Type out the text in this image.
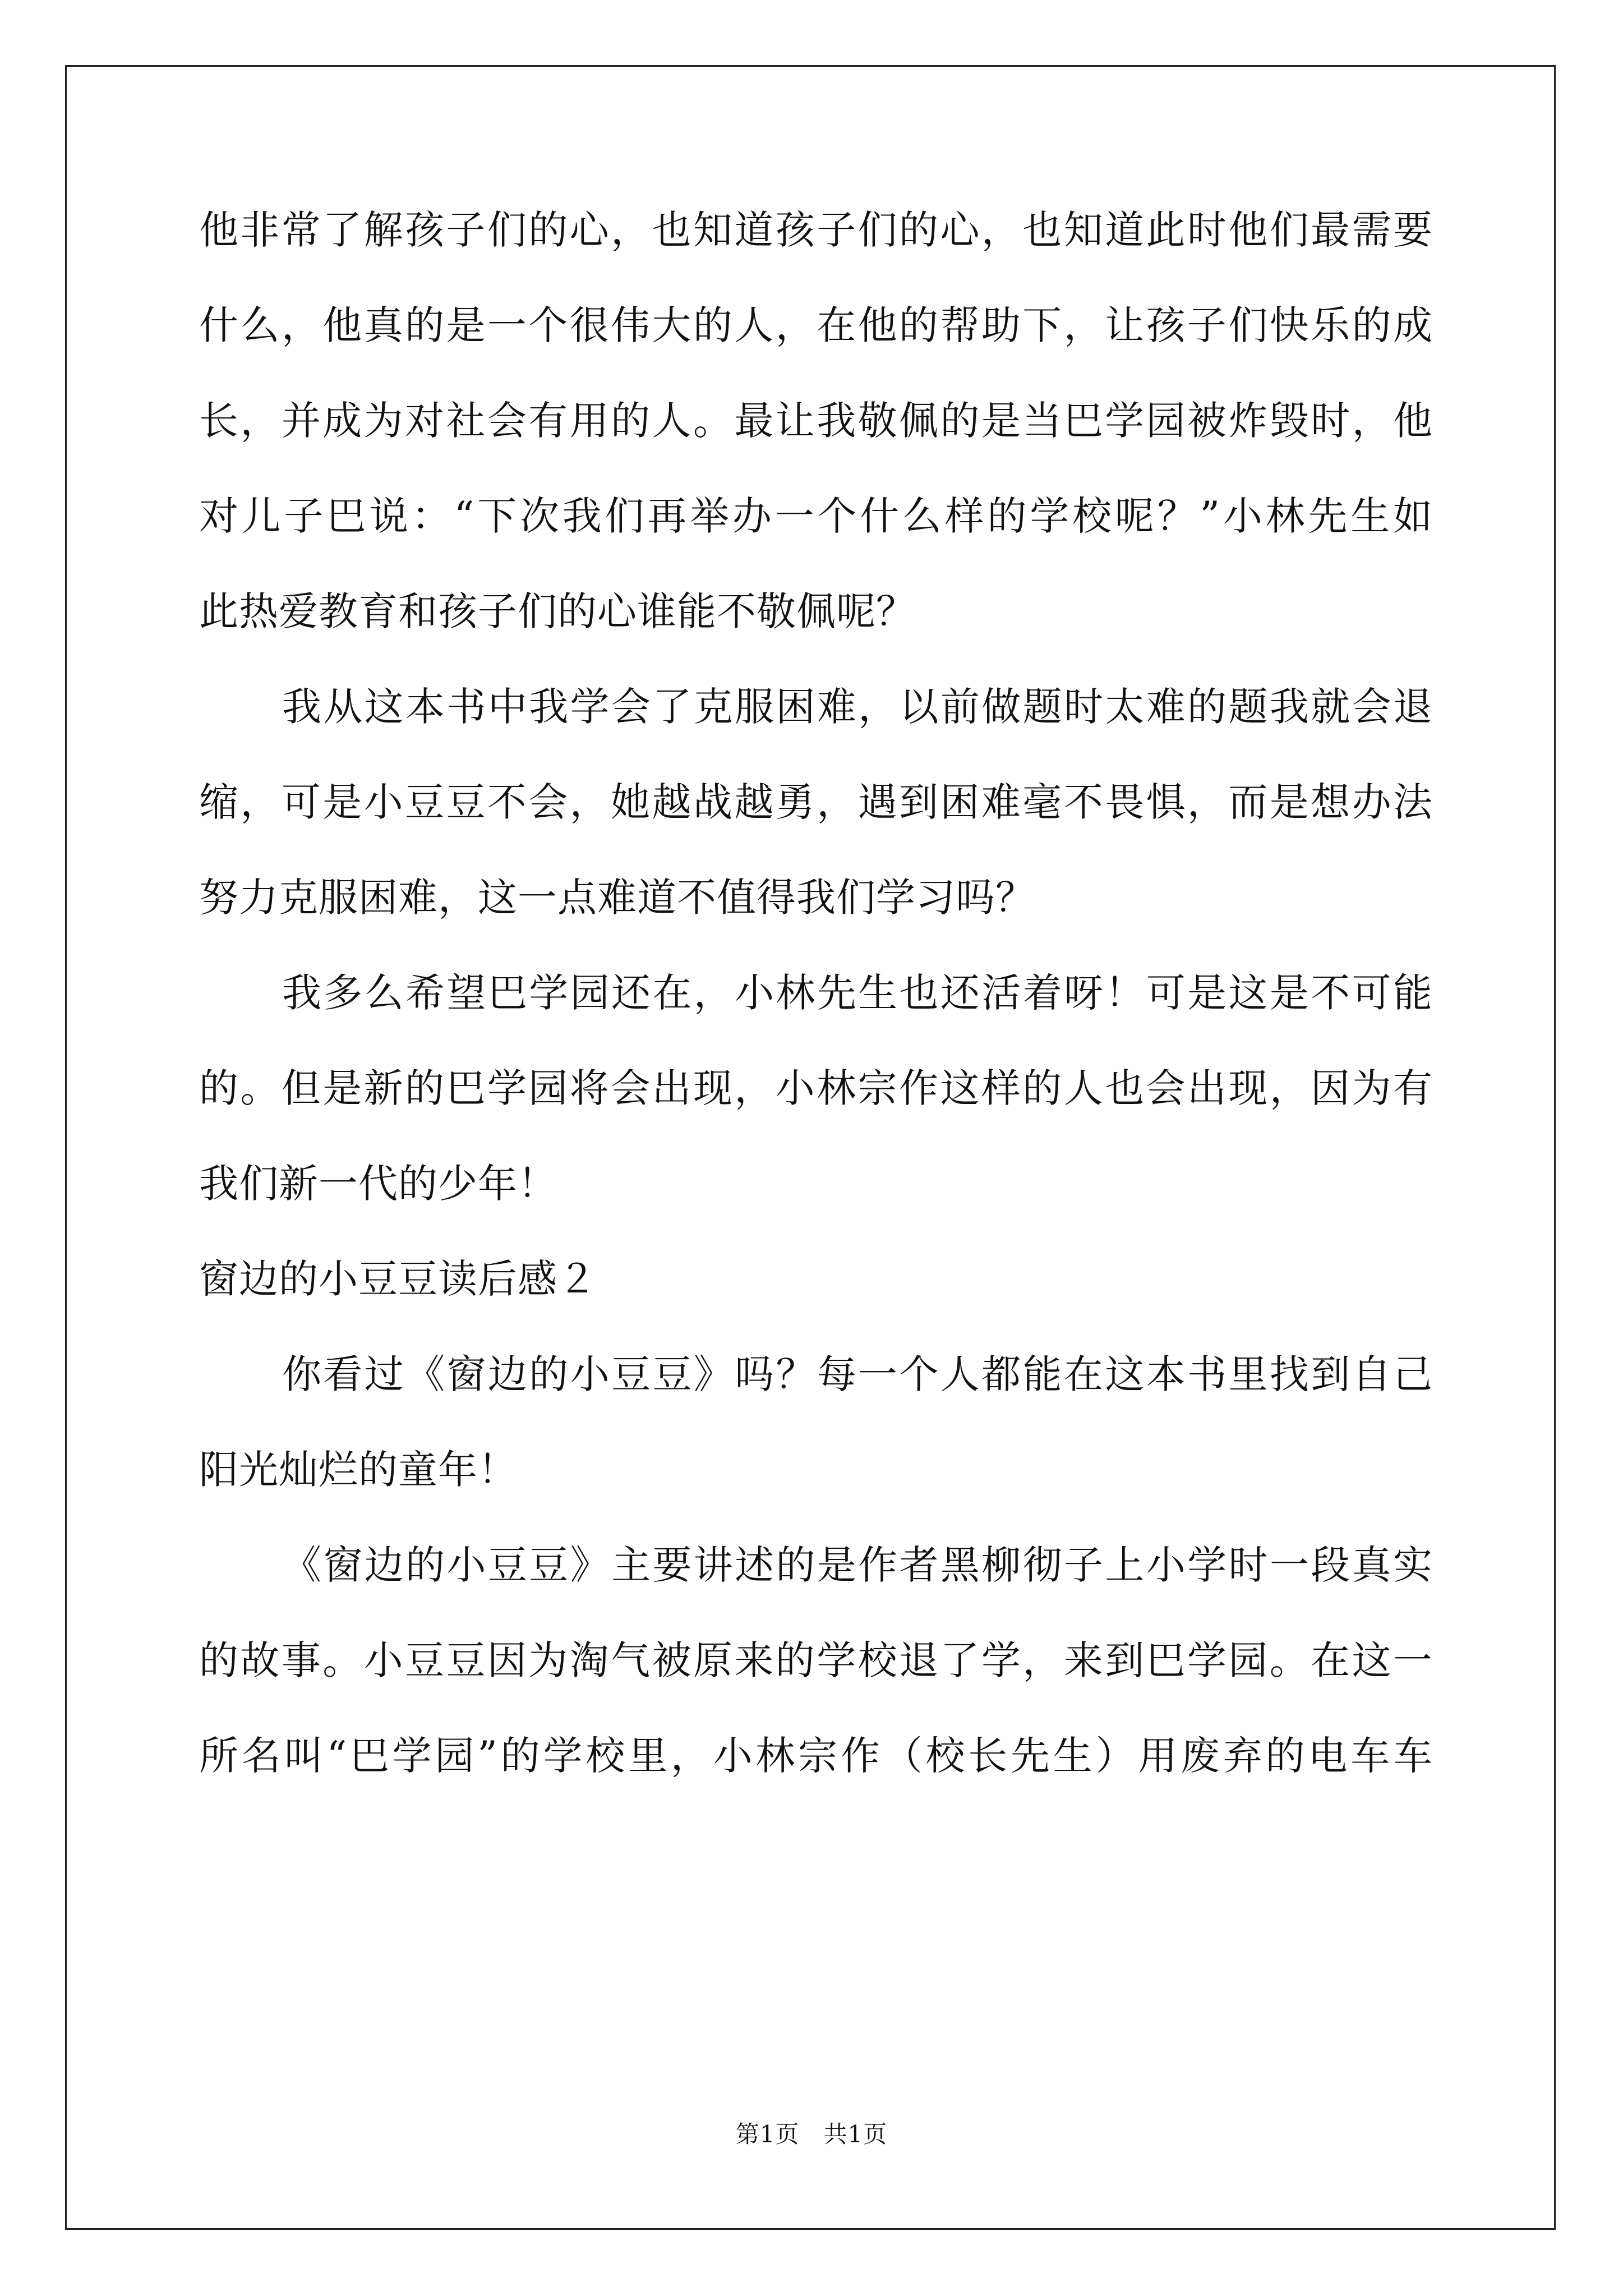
他非常了解孩子们的心，也知道孩子们的心，也知道此时他们最需要
什么，他真的是一个很伟大的人，在他的帮助下，让孩子们快乐的成
长，并成为对社会有用的人。最让我敬佩的是当巴学园被炸毁时，他
对儿子巴说：“下次我们再举办一个什么样的学校呢？”小林先生如
此热爱教育和孩子们的心谁能不敬佩呢？
我从这本书中我学会了克服困难，以前做题时太难的题我就会退
缩，可是小豆豆不会，她越战越勇，遇到困难毫不畏惧，而是想办法
努力克服困难，这一点难道不值得我们学习吗？
我多么希望巴学园还在，小林先生也还活着呀！可是这是不可能
的。但是新的巴学园将会出现，小林宗作这样的人也会出现，因为有
我们新一代的少年！
窗边的小豆豆读后感２
你看过《窗边的小豆豆》吗？每一个人都能在这本书里找到自己
阳光灿烂的童年！
《窗边的小豆豆》主要讲述的是作者黑柳彻子上小学时一段真实
的故事。小豆豆因为淘气被原来的学校退了学，来到巴学园。在这一
所名叫“巴学园”的学校里，小林宗作（校长先生）用废弃的电车车
第1页　共1页
